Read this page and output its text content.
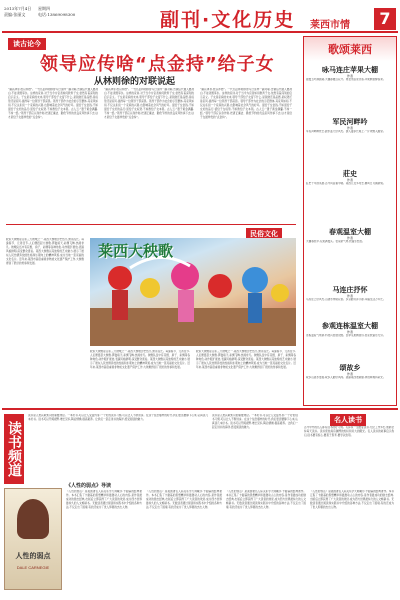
2013年7月4日 星期四
责编:张丽文	电话:13869098300	副刊·文化历史 莱西市情	7
读古论今
领导应传啥“点金持”给子女
从林则徐的对联说起
“廉以律身,俭以养德”。一代名臣林则徐曾写过这样一副对联,告诫后代做人要清白,不能贪图享乐。这样的家训,对于当今为官者如何教育子女,依然有着深刻的启示意义。子女是家庭的未来,领导干部给子女留下什么,是钱财还是品德,是权势还是家风,值得每一位领导干部深思。领导干部作为社会的示范群体,其家风如何,不仅关系到一个家庭的兴衰,也影响着社会风气的好坏。留给子女金钱,不如留给子女好的品行;留给子女权势,不如教给子女本领。古人云:“遗子黄金满籯,不如一经。”领导干部应以身作则,把清正廉洁、勤俭节约的优良家风传承下去,这才是给子女最珍贵的“点金持”。
“廉以律身,俭以养德”。一代名臣林则徐曾写过这样一副对联,告诫后代做人要清白,不能贪图享乐。这样的家训,对于当今为官者如何教育子女,依然有着深刻的启示意义。子女是家庭的未来,领导干部给子女留下什么,是钱财还是品德,是权势还是家风,值得每一位领导干部深思。领导干部作为社会的示范群体,其家风如何,不仅关系到一个家庭的兴衰,也影响着社会风气的好坏。留给子女金钱,不如留给子女好的品行;留给子女权势,不如教给子女本领。古人云:“遗子黄金满籯,不如一经。”领导干部应以身作则,把清正廉洁、勤俭节约的优良家风传承下去,这才是给子女最珍贵的“点金持”。
“廉以律身,俭以养德”。一代名臣林则徐曾写过这样一副对联,告诫后代做人要清白,不能贪图享乐。这样的家训,对于当今为官者如何教育子女,依然有着深刻的启示意义。子女是家庭的未来,领导干部给子女留下什么,是钱财还是品德,是权势还是家风,值得每一位领导干部深思。领导干部作为社会的示范群体,其家风如何,不仅关系到一个家庭的兴衰,也影响着社会风气的好坏。留给子女金钱,不如留给子女好的品行;留给子女权势,不如教给子女本领。古人云:“遗子黄金满籯,不如一经。”领导干部应以身作则,把清正廉洁、勤俭节约的优良家风传承下去,这才是给子女最珍贵的“点金持”。
歌颂莱西
咏马连庄苹果大棚
作者
银枝玉叶满园栽,大棚春暖百花开。果农笑脸迎宾客,苹果飘香醉客来。
军民河畔吟
作者
军民河畔柳丝长,碧水蓝天好风光。游人漫步长堤上,一片欢歌入画堂。
莊史
作者
莊史千年颂英豪,古今风流看今朝。莱西儿女多奇志,敢叫日月换新貌。
春观温室大棚
作者
大棚春色早,瓜果满枝头。农家新气象,致富乐悠悠。
马连庄抒怀
作者
马连庄上好风光,山清水秀稻花香。乡亲勤劳奔小康,幸福生活万年长。
参观连栋温室大棚
作者
连栋温室气象新,科技兴农展宏图。四季瓜果飘香远,农家致富乐无穷。
颂故乡
作者
故乡山美水更美,故乡人勤好风尚。美丽莱西谱新篇,再创辉煌铸荣光。
民俗文化
胶东大秧歌是山东三大秧歌之一,莱西大秧歌历史悠久,源远流长。每逢春节、元宵佳节,人们便扭起大秧歌,锣鼓喧天,彩绸飞舞,热闹非凡。秧歌队伍中有花棍、扇子、彩绸等各种角色,动作粗犷豪放,表演风格鲜明,深受群众喜爱。莱西大秧歌以其独特的艺术魅力,展示了胶东人民热情奔放的性格和乐观向上的精神风貌,成为当地一张亮丽的文化名片。近年来,莱西市高度重视非物质文化遗产保护工作,大秧歌得到了很好的传承和发展。
莱西大秧歌
胶东大秧歌是山东三大秧歌之一,莱西大秧歌历史悠久,源远流长。每逢春节、元宵佳节,人们便扭起大秧歌,锣鼓喧天,彩绸飞舞,热闹非凡。秧歌队伍中有花棍、扇子、彩绸等各种角色,动作粗犷豪放,表演风格鲜明,深受群众喜爱。莱西大秧歌以其独特的艺术魅力,展示了胶东人民热情奔放的性格和乐观向上的精神风貌,成为当地一张亮丽的文化名片。近年来,莱西市高度重视非物质文化遗产保护工作,大秧歌得到了很好的传承和发展。
胶东大秧歌是山东三大秧歌之一,莱西大秧歌历史悠久,源远流长。每逢春节、元宵佳节,人们便扭起大秧歌,锣鼓喧天,彩绸飞舞,热闹非凡。秧歌队伍中有花棍、扇子、彩绸等各种角色,动作粗犷豪放,表演风格鲜明,深受群众喜爱。莱西大秧歌以其独特的艺术魅力,展示了胶东人民热情奔放的性格和乐观向上的精神风貌,成为当地一张亮丽的文化名片。近年来,莱西市高度重视非物质文化遗产保护工作,大秧歌得到了很好的传承和发展。
读书频道
读书是人类获取知识的重要途径。一本好书,可以让人受益终身;一个好的读书习惯,可以让人不断进步。在这个信息爆炸的时代,我们更需要静下心来,认真读几本好书。读书可以开阔视野,增长见识,陶冶情操,提高素养。让我们一起走进书的海洋,感受阅读的魅力。
人性的弱点
DALE CARNEGIE
《人性的弱点》导读
《人性的弱点》是美国著名人际关系学大师戴尔·卡耐基的经典著作。本书汇集了卡耐基的思想精华和最激动人心的内容,是作者最成功的励志经典,出版后立即获得了广大读者的欢迎,成为西方世界最持久的人文畅销书。无数读者通过阅读和实践书中介绍的各种方法,不仅走出了困境,有的还成为了世人仰慕的杰出人物。
《人性的弱点》是美国著名人际关系学大师戴尔·卡耐基的经典著作。本书汇集了卡耐基的思想精华和最激动人心的内容,是作者最成功的励志经典,出版后立即获得了广大读者的欢迎,成为西方世界最持久的人文畅销书。无数读者通过阅读和实践书中介绍的各种方法,不仅走出了困境,有的还成为了世人仰慕的杰出人物。
《人性的弱点》是美国著名人际关系学大师戴尔·卡耐基的经典著作。本书汇集了卡耐基的思想精华和最激动人心的内容,是作者最成功的励志经典,出版后立即获得了广大读者的欢迎,成为西方世界最持久的人文畅销书。无数读者通过阅读和实践书中介绍的各种方法,不仅走出了困境,有的还成为了世人仰慕的杰出人物。
《人性的弱点》是美国著名人际关系学大师戴尔·卡耐基的经典著作。本书汇集了卡耐基的思想精华和最激动人心的内容,是作者最成功的励志经典,出版后立即获得了广大读者的欢迎,成为西方世界最持久的人文畅销书。无数读者通过阅读和实践书中介绍的各种方法,不仅走出了困境,有的还成为了世人仰慕的杰出人物。
读书是人类获取知识的重要途径。一本好书,可以让人受益终身;一个好的读书习惯,可以让人不断进步。在这个信息爆炸的时代,我们更需要静下心来,认真读几本好书。读书可以开阔视野,增长见识,陶冶情操,提高素养。让我们一起走进书的海洋,感受阅读的魅力。
名人读书
古今中外的名人都有读书的好习惯。毛泽东一生酷爱读书,无论工作多忙,他都坚持每天读书。读书使他具有渊博的知识和远大的眼光。名人读书的故事启示我们,读书要有恒心,要善于思考,要学以致用。
